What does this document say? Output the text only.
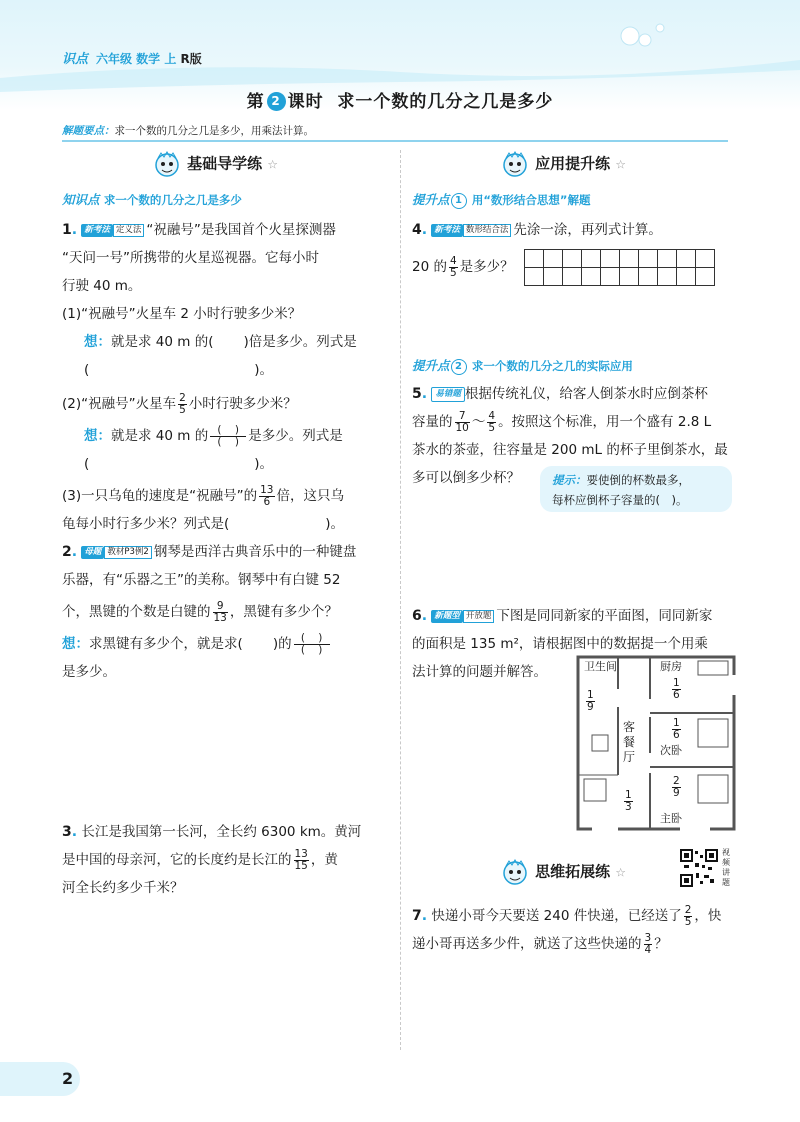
识点 六年级 数学 上 R版
第 2 课时 求一个数的几分之几是多少
解题要点：求一个数的几分之几是多少，用乘法计算。
基础导学练 ☆
知识点 求一个数的几分之几是多少
1. 新考法 定义法 “祝融号”是我国首个火星探测器
“天问一号”所携带的火星巡视器。它每小时
行驶 40 m。
(1)“祝融号”火星车 2 小时行驶多少米？
想：就是求 40 m 的( )倍是多少。列式是
(	)。
(2)“祝融号”火星车 $\frac{2}{5}$ 小时行驶多少米？
想：就是求 40 m 的 $\frac{( )}{( )}$ 是多少。列式是
(	)。
(3)一只乌龟的速度是“祝融号”的 $\frac{13}{6}$ 倍，这只乌
龟每小时行多少米？列式是(	)。
2. 母题 教材P3例2 钢琴是西洋古典音乐中的一种键盘
乐器，有“乐器之王”的美称。钢琴中有白键 52
个，黑键的个数是白键的 $\frac{9}{13}$ ，黑键有多少个？
想：求黑键有多少个，就是求( )的 $\frac{( )}{( )}$
是多少。
3. 长江是我国第一长河，全长约 6300 km。黄河
是中国的母亲河，它的长度约是长江的 $\frac{13}{15}$ ，黄
河全长约多少千米？
应用提升练 ☆
提升点 1 用“数形结合思想”解题
4. 新考法 数形结合法 先涂一涂，再列式计算。
20 的 $\frac{4}{5}$ 是多少？

提升点 2 求一个数的几分之几的实际应用
5. 易错题 根据传统礼仪，给客人倒茶水时应倒茶杯
容量的 $\frac{7}{10}$ ～ $\frac{4}{5}$ 。按照这个标准，用一个盛有 2.8 L
茶水的茶壶，往容量是 200 mL 的杯子里倒茶水，最
多可以倒多少杯？	提示：要使倒的杯数最多，
每杯应倒杯子容量的(　)。
6. 新题型 开放题 下图是同同新家的平面图，同同新家
的面积是 135 m²，请根据图中的数据提一个用乘
法计算的问题并解答。	卫生间	厨房
客餐厅 次卧
主卧
$\frac{1}{9}$
$\frac{1}{6}$
$\frac{1}{6}$
$\frac{2}{9}$
$\frac{1}{3}$
思维拓展练 ☆
视频讲题
7. 快递小哥今天要送 240 件快递，已经送了 $\frac{2}{5}$ ，快
递小哥再送多少件，就送了这些快递的 $\frac{3}{4}$ ？
2
